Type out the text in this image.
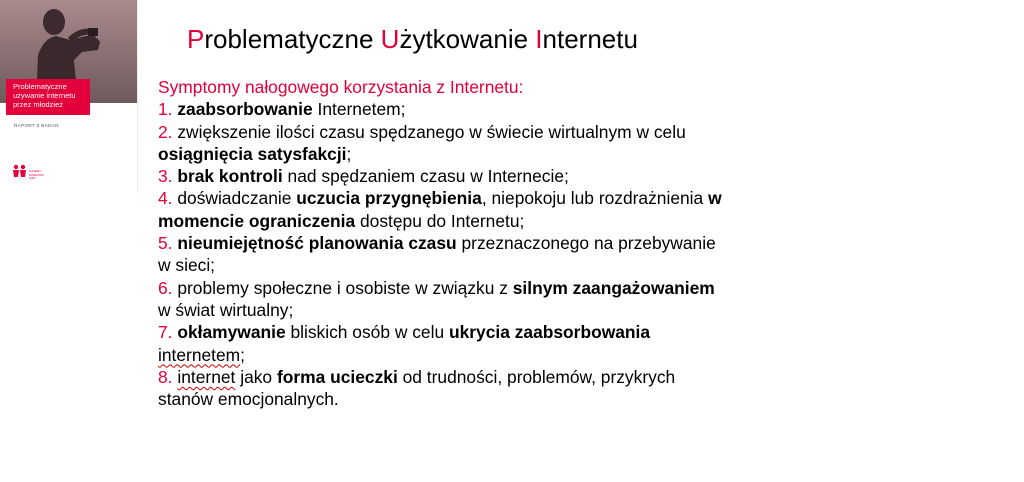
Problematyczne
używanie internetu
przez młodzież
RAPORT Z BADAŃ
DAJEMY DZIECIOM SIŁĘ
Problematyczne Użytkowanie Internetu

Symptomy nałogowego korzystania z Internetu:

1. zaabsorbowanie Internetem;

2. zwiększenie ilości czasu spędzanego w świecie wirtualnym w celu osiągnięcia satysfakcji;

3. brak kontroli nad spędzaniem czasu w Internecie;

4. doświadczanie uczucia przygnębienia, niepokoju lub rozdrażnienia w momencie ograniczenia dostępu do Internetu;

5. nieumiejętność planowania czasu przeznaczonego na przebywanie w sieci;

6. problemy społeczne i osobiste w związku z silnym zaangażowaniem w świat wirtualny;

7. okłamywanie bliskich osób w celu ukrycia zaabsorbowania internetem;

8. internet jako forma ucieczki od trudności, problemów, przykrych stanów emocjonalnych.
